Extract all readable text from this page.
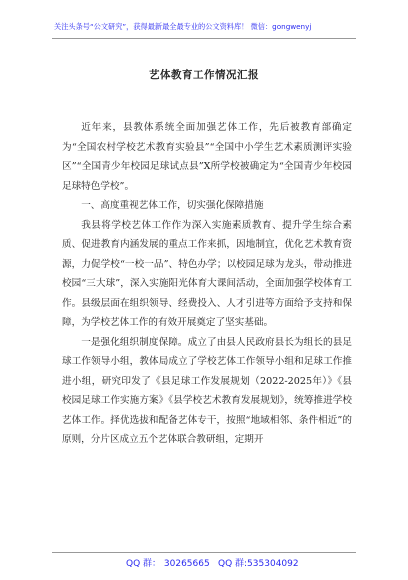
关注头条号“公文研究”，获得最新最全最专业的公文资料库！ 微信：gongwenyj
艺体教育工作情况汇报

近年来，县教体系统全面加强艺体工作，先后被教育部确定为“全国农村学校艺术教育实验县”“全国中小学生艺术素质测评实验区”“全国青少年校园足球试点县”X所学校被确定为“全国青少年校园足球特色学校”。

一、高度重视艺体工作，切实强化保障措施

我县将学校艺体工作作为深入实施素质教育、提升学生综合素质、促进教育内涵发展的重点工作来抓，因地制宜，优化艺术教育资源，力促学校“一校一品”、特色办学；以校园足球为龙头，带动推进校园“三大球”，深入实施阳光体育大课间活动，全面加强学校体育工作。县级层面在组织领导、经费投入、人才引进等方面给予支持和保障，为学校艺体工作的有效开展奠定了坚实基础。

一是强化组织制度保障。成立了由县人民政府县长为组长的县足球工作领导小组，教体局成立了学校艺体工作领导小组和足球工作推进小组，研究印发了《县足球工作发展规划（2022-2025年）》《县校园足球工作实施方案》《县学校艺术教育发展规划》，统筹推进学校艺体工作。择优选拔和配备艺体专干，按照“地域相邻、条件相近”的原则，分片区成立五个艺体联合教研组，定期开

QQ 群： 30265665 QQ 群:535304092
